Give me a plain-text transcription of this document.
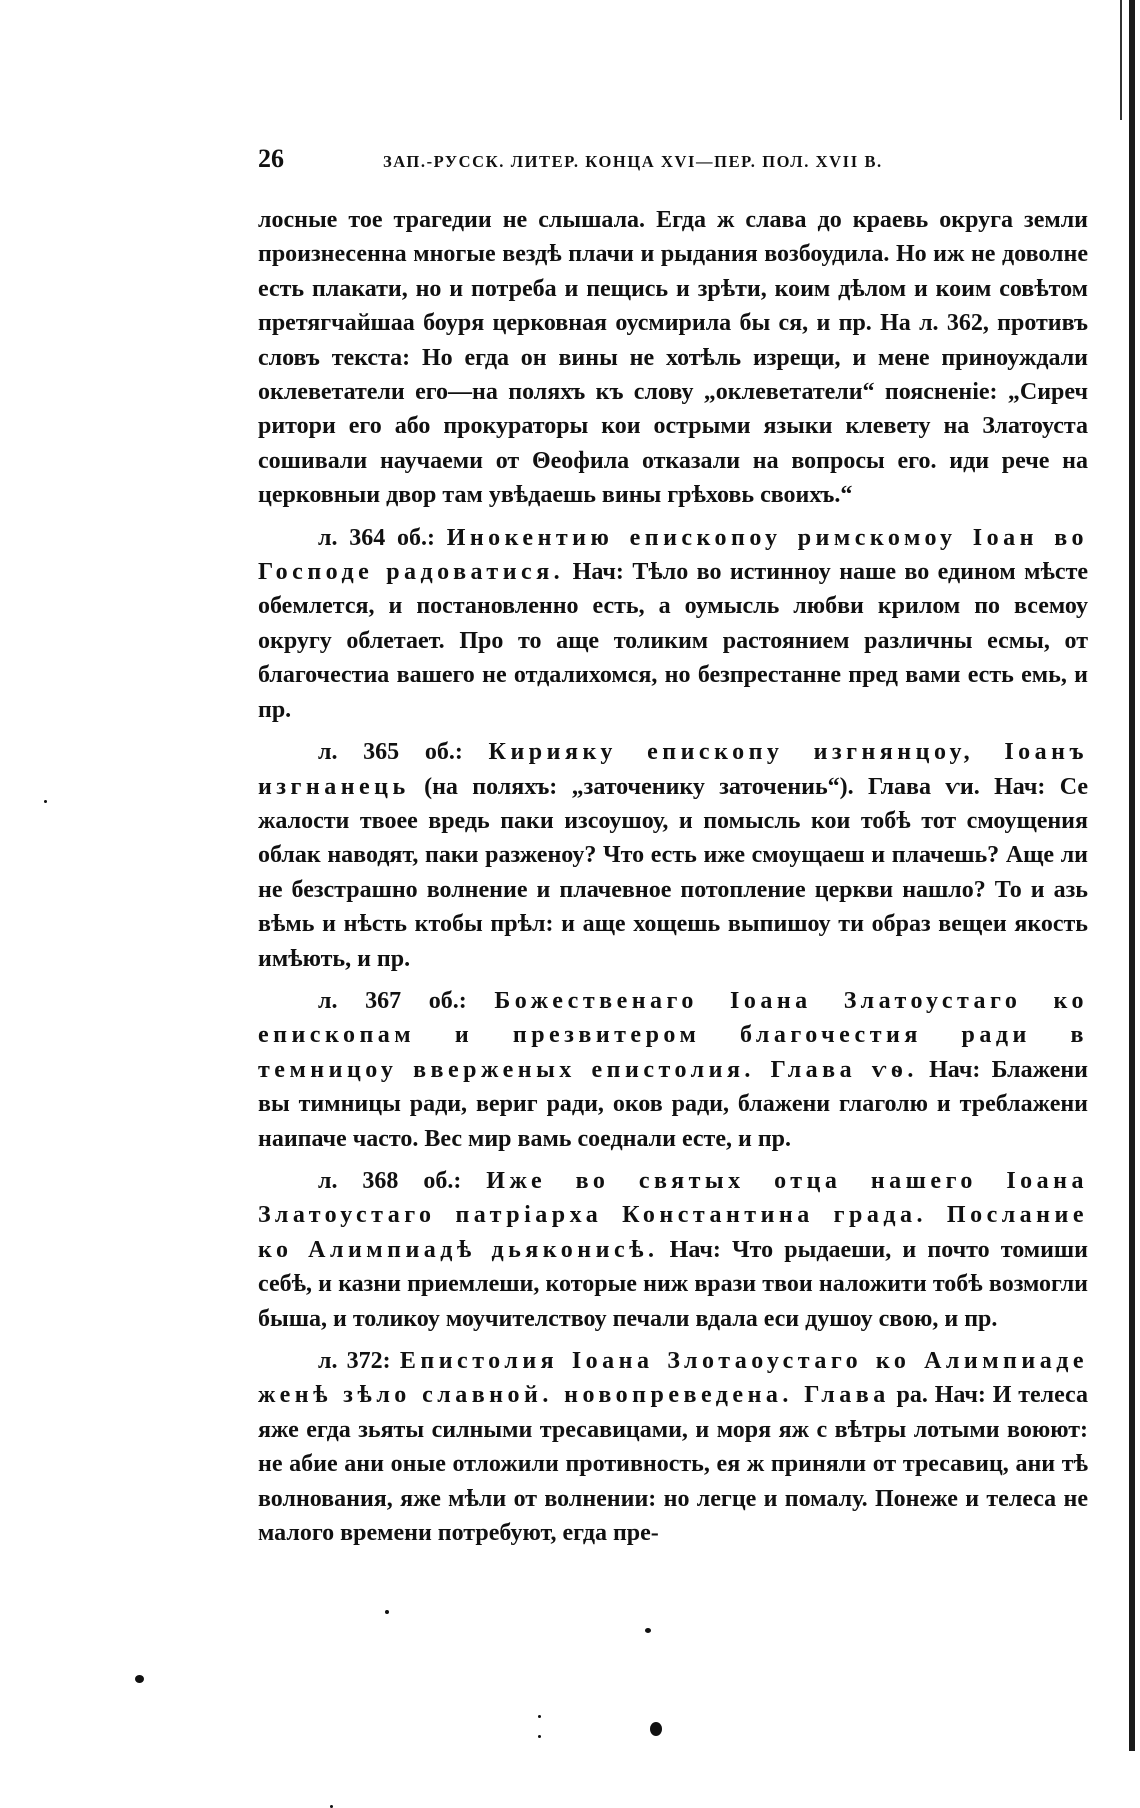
26	ЗАП.-РУССК. ЛИТЕР. КОНЦА XVI—ПЕР. ПОЛ. XVII В.

лосные тое трагедии не слышала. Егда ж слава до краевь округа земли произнесенна многые вездѣ плачи и рыдания возбоудила. Но иж не доволне есть плакати, но и потреба и пещись и зрѣти, коим дѣлом и коим совѣтом претягчайшаа боуря церковная оусмирила бы ся, и пр. На л. 362, противъ словъ текста: Но егда он вины не хотѣль изрещи, и мене приноуждали оклеветатели его—на поляхъ къ слову „оклеветатели“ поясненіе: „Сиреч ритори его або прокураторы кои острыми языки клевету на Златоуста сошивали научаеми от Θеофила отказали на вопросы его. иди рече на церковныи двор там увѣдаешь вины грѣховь своихъ.“

л. 364 об.: Инокентию епископоу римскомоу Іоан во Господе радоватися. Нач: Тѣло во истинноу наше во едином мѣсте обемлется, и постановленно есть, а оумысль любви крилом по всемоу округу облетает. Про то аще толиким растоянием различны есмы, от благочестиа вашего не отдалихомся, но безпрестанне пред вами есть емь, и пр.

л. 365 об.: Кирияку епископу изгнянцоу, Іоанъ изгнанець (на поляхъ: „заточенику заточениь“). Глава ѵи. Нач: Се жалости твоее вредь паки изсоушоу, и помысль кои тобѣ тот смоущения облак наводят, паки разженоу? Что есть иже смоущаеш и плачешь? Аще ли не безстрашно волнение и плачевное потопление церкви нашло? То и азь вѣмь и нѣсть ктобы прѣл: и аще хощешь выпишоу ти образ вещеи якость имѣють, и пр.

л. 367 об.: Божественаго Іоана Златоустаго ко епископам и презвитером благочестия ради в темницоу вверженых епистолия. Глава ѵѳ. Нач: Блажени вы тимницы ради, вериг ради, оков ради, блажени глаголю и треблажени наипаче часто. Вес мир вамь соеднали есте, и пр.

л. 368 об.: Иже во святых отца нашего Іоана Златоустаго патріарха Константина града. Послание ко Алимпиадѣ дьяконисѣ. Нач: Что рыдаеши, и почто томиши себѣ, и казни приемлеши, которые ниж врази твои наложити тобѣ возмогли быша, и толикоу моучителствоу печали вдала еси душоу свою, и пр.

л. 372: Епистолия Іоана Злотаоустаго ко Алимпиаде женѣ зѣло славной. новопреведена. Глава ра. Нач: И телеса яже егда зьяты силными тресавицами, и моря яж с вѣтры лотыми воюют: не абие ани оные отложили противность, ея ж приняли от тресавиц, ани тѣ волнования, яже мѣли от волнении: но легце и помалу. Понеже и телеса не малого времени потребуют, егда пре-
